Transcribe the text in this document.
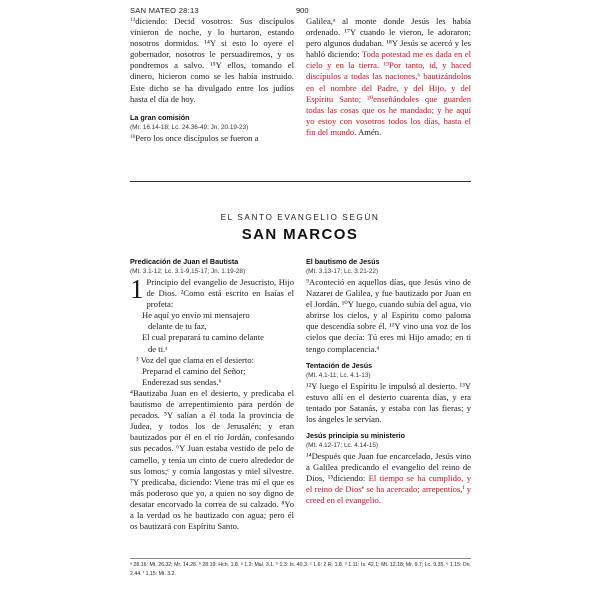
SAN MATEO 28:13	900

$^{13}$diciendo: Decid vosotros: Sus discípulos vinieron de noche, y lo hurtaron, estando nosotros dormidos. ¹⁴Y si esto lo oyere el gobernador, nosotros le persuadiremos, y os pondremos a salvo. ¹⁵Y ellos, tomando el dinero, hicieron como se les había instruido. Este dicho se ha divulgado entre los judíos hasta el día de hoy.

La gran comisión

(Mr. 16.14-18; Lc. 24.36-49; Jn. 20.19-23)

$^{16}$Pero los once discípulos se fueron a

Galilea,ᵃ al monte donde Jesús les había ordenado. ¹⁷Y cuando le vieron, le adoraron; pero algunos dudaban. ¹⁸Y Jesús se acercó y les habló diciendo: Toda potestad me es dada en el cielo y en la tierra. ¹⁹Por tanto, id, y haced discípulos a todas las naciones,ᵇ bautizándolos en el nombre del Padre, y del Hijo, y del Espíritu Santo; ²⁰enseñándoles que guarden todas las cosas que os he mandado; y he aquí yo estoy con vosotros todos los días, hasta el fin del mundo. Amén.

EL SANTO EVANGELIO SEGÚN
SAN MARCOS

Predicación de Juan el Bautista

(Mt. 3.1-12; Lc. 3.1-9,15-17; Jn. 1.19-28)

1 Principio del evangelio de Jesucristo, Hijo de Dios. ²Como está escrito en Isaías el profeta:

He aquí yo envío mi mensajero

delante de tu faz,

El cual preparará tu camino delante

de ti.ᵃ

³ Voz del que clama en el desierto:

Preparad el camino del Señor;

Enderezad sus sendas.ᵇ

⁴Bautizaba Juan en el desierto, y predicaba el bautismo de arrepentimiento para perdón de pecados. ⁵Y salían a él toda la provincia de Judea, y todos los de Jerusalén; y eran bautizados por él en el río Jordán, confesando sus pecados. ⁶Y Juan estaba vestido de pelo de camello, y tenía un cinto de cuero alrededor de sus lomos;ᶜ y comía langostas y miel silvestre. ⁷Y predicaba, diciendo: Viene tras mí el que es más poderoso que yo, a quien no soy digno de desatar encorvado la correa de su calzado. ⁸Yo a la verdad os he bautizado con agua; pero él os bautizará con Espíritu Santo.

El bautismo de Jesús

(Mt. 3.13-17; Lc. 3.21-22)

⁹Aconteció en aquellos días, que Jesús vino de Nazaret de Galilea, y fue bautizado por Juan en el Jordán. ¹⁰Y luego, cuando subía del agua, vio abrirse los cielos, y al Espíritu como paloma que descendía sobre él. ¹¹Y vino una voz de los cielos que decía: Tú eres mi Hijo amado; en ti tengo complacencia.ᵈ

Tentación de Jesús

(Mt. 4.1-11; Lc. 4.1-13)

¹²Y luego el Espíritu le impulsó al desierto. ¹³Y estuvo allí en el desierto cuarenta días, y era tentado por Satanás, y estaba con las fieras; y los ángeles le servían.

Jesús principia su ministerio

(Mt. 4.12-17; Lc. 4.14-15)

¹⁴Después que Juan fue encarcelado, Jesús vino a Galilea predicando el evangelio del reino de Dios, ¹⁵diciendo: El tiempo se ha cumplido, y el reino de Dios$^e$ se ha acercado; arrepentíos,$^f$ y creed en el evangelio.

ᵃ 28.16: Mt. 26.32; Mr. 14.28. ᵇ 28.19: Hch. 1.8. ᵃ 1.2: Mal. 3.1. ᵇ 1.3: Is. 40.3. ᶜ 1.6: 2 R. 1.8. ᵈ 1.11: Is. 42.1; Mt. 12.18; Mr. 9.7; Lc. 9.35. ᵉ 1.15: Dn. 2.44. ᶠ 1.15: Mt. 3.2.
